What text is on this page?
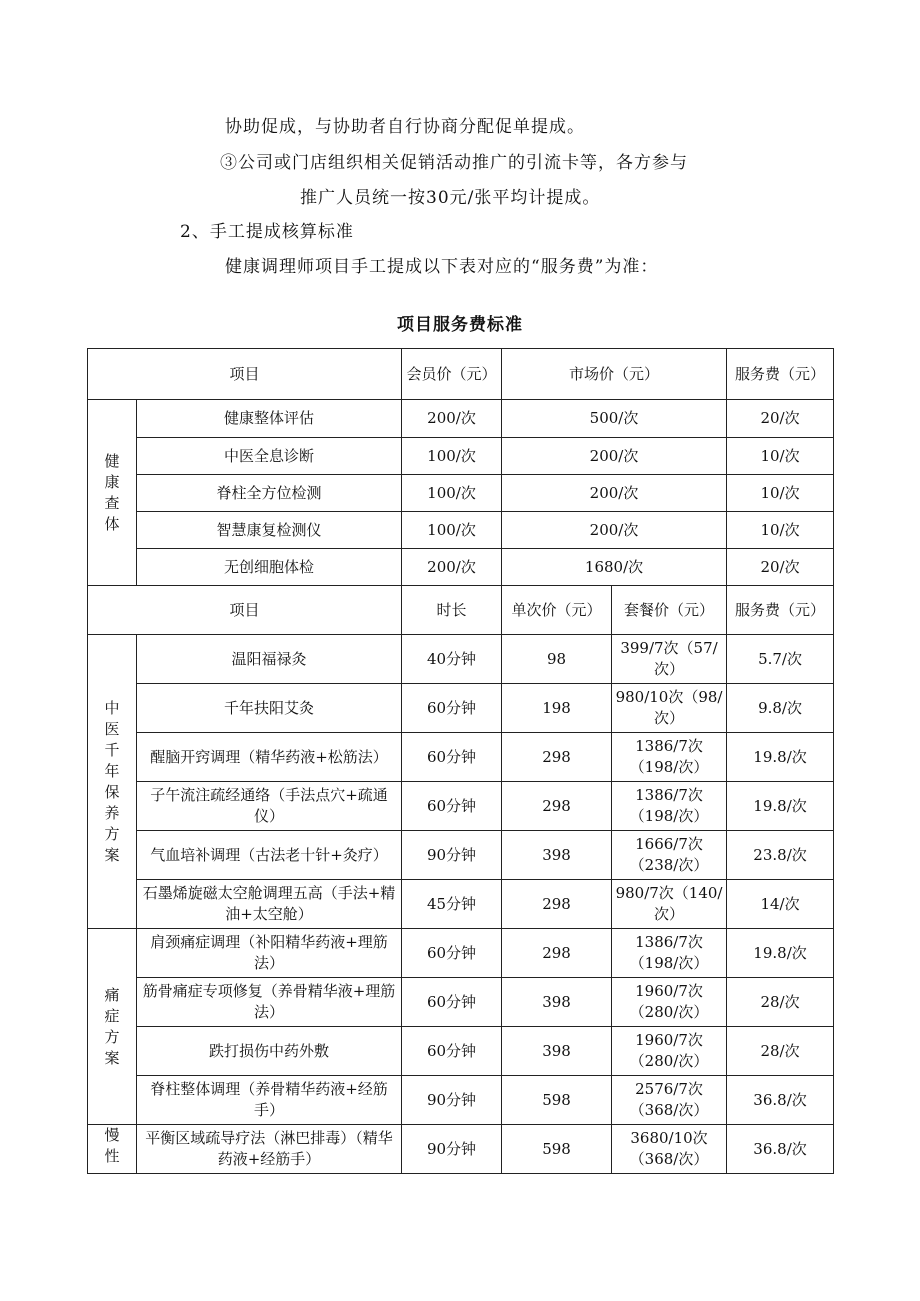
协助促成，与协助者自行协商分配促单提成。
③公司或门店组织相关促销活动推广的引流卡等，各方参与
推广人员统一按30元/张平均计提成。
2、手工提成核算标准
健康调理师项目手工提成以下表对应的“服务费”为准：
项目服务费标准
项目		会员价（元）	市场价（元）		服务费（元）

健康查体	健康整体评估	200/次	500/次		20/次
	中医全息诊断	100/次	200/次		10/次
	脊柱全方位检测	100/次	200/次		10/次
	智慧康复检测仪	100/次	200/次		10/次
	无创细胞体检	200/次	1680/次		20/次
项目		时长	单次价（元）	套餐价（元）	服务费（元）

中医千年保养方案	温阳福禄灸	40分钟	98	399/7次（57/次）	5.7/次
	千年扶阳艾灸	60分钟	198	980/10次（98/次）	9.8/次
	醒脑开窍调理（精华药液+松筋法）	60分钟	298	1386/7次（198/次）	19.8/次
	子午流注疏经通络（手法点穴+疏通仪）	60分钟	298	1386/7次（198/次）	19.8/次
	气血培补调理（古法老十针+灸疗）	90分钟	398	1666/7次（238/次）	23.8/次
	石墨烯旋磁太空舱调理五高（手法+精油+太空舱）	45分钟	298	980/7次（140/次）	14/次

痛症方案	肩颈痛症调理（补阳精华药液+理筋法）	60分钟	298	1386/7次（198/次）	19.8/次
	筋骨痛症专项修复（养骨精华液+理筋法）	60分钟	398	1960/7次（280/次）	28/次
	跌打损伤中药外敷	60分钟	398	1960/7次（280/次）	28/次
	脊柱整体调理（养骨精华药液+经筋手）	90分钟	598	2576/7次（368/次）	36.8/次

慢性	平衡区域疏导疗法（淋巴排毒）（精华药液+经筋手）	90分钟	598	3680/10次（368/次）	36.8/次
